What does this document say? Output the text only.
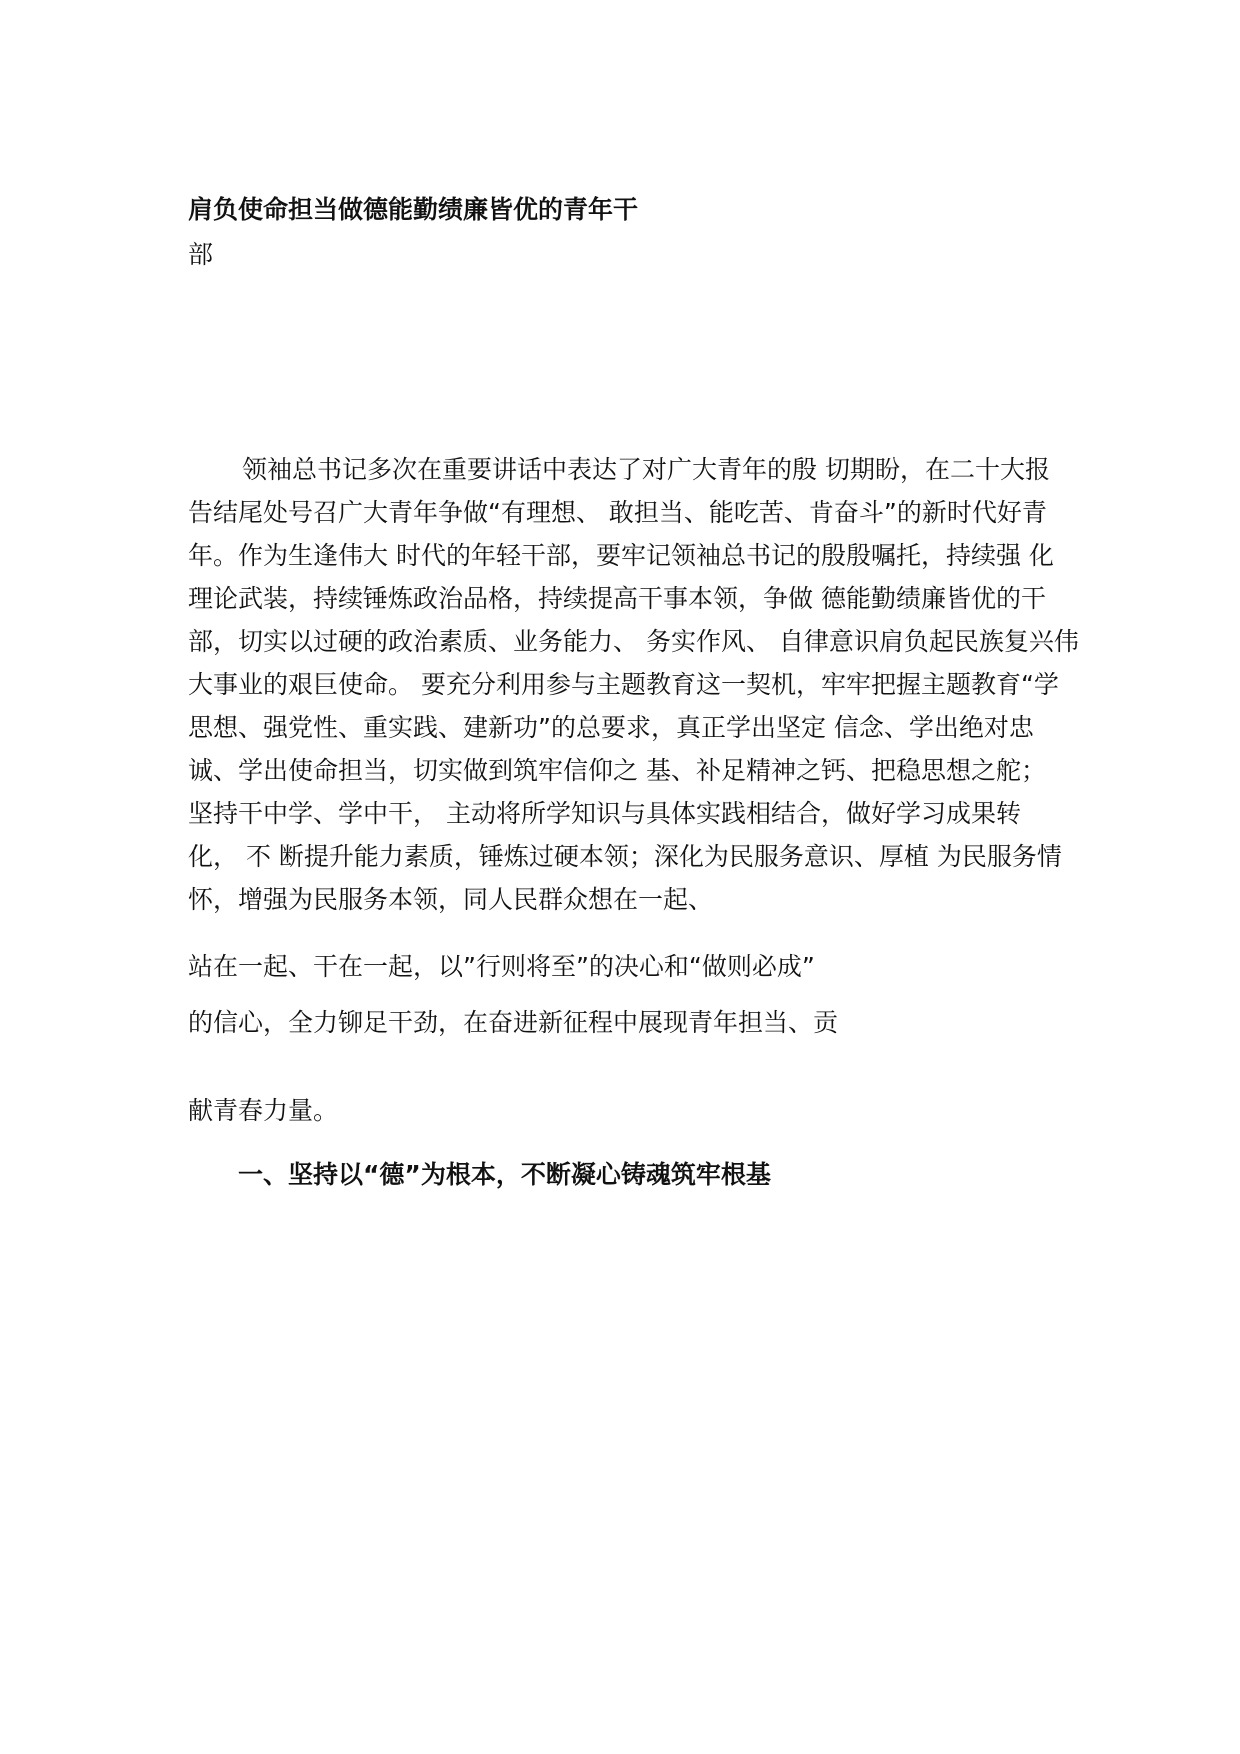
肩负使命担当做德能勤绩廉皆优的青年干
部
领袖总书记多次在重要讲话中表达了对广大青年的殷 切期盼，在二十大报
告结尾处号召广大青年争做“有理想、 敢担当、能吃苦、肯奋斗”的新时代好青
年。作为生逢伟大 时代的年轻干部，要牢记领袖总书记的殷殷嘱托，持续强 化
理论武装，持续锤炼政治品格，持续提高干事本领，争做 德能勤绩廉皆优的干
部，切实以过硬的政治素质、业务能力、 务实作风、 自律意识肩负起民族复兴伟
大事业的艰巨使命。 要充分利用参与主题教育这一契机，牢牢把握主题教育“学
思想、强党性、重实践、建新功”的总要求，真正学出坚定 信念、学出绝对忠
诚、学出使命担当，切实做到筑牢信仰之 基、补足精神之钙、把稳思想之舵；
坚持干中学、学中干， 主动将所学知识与具体实践相结合，做好学习成果转
化， 不 断提升能力素质，锤炼过硬本领；深化为民服务意识、厚植 为民服务情
怀，增强为民服务本领，同人民群众想在一起、
站在一起、干在一起，以”行则将至”的决心和“做则必成”
的信心，全力铆足干劲，在奋进新征程中展现青年担当、贡
献青春力量。
一、坚持以“德”为根本，不断凝心铸魂筑牢根基
